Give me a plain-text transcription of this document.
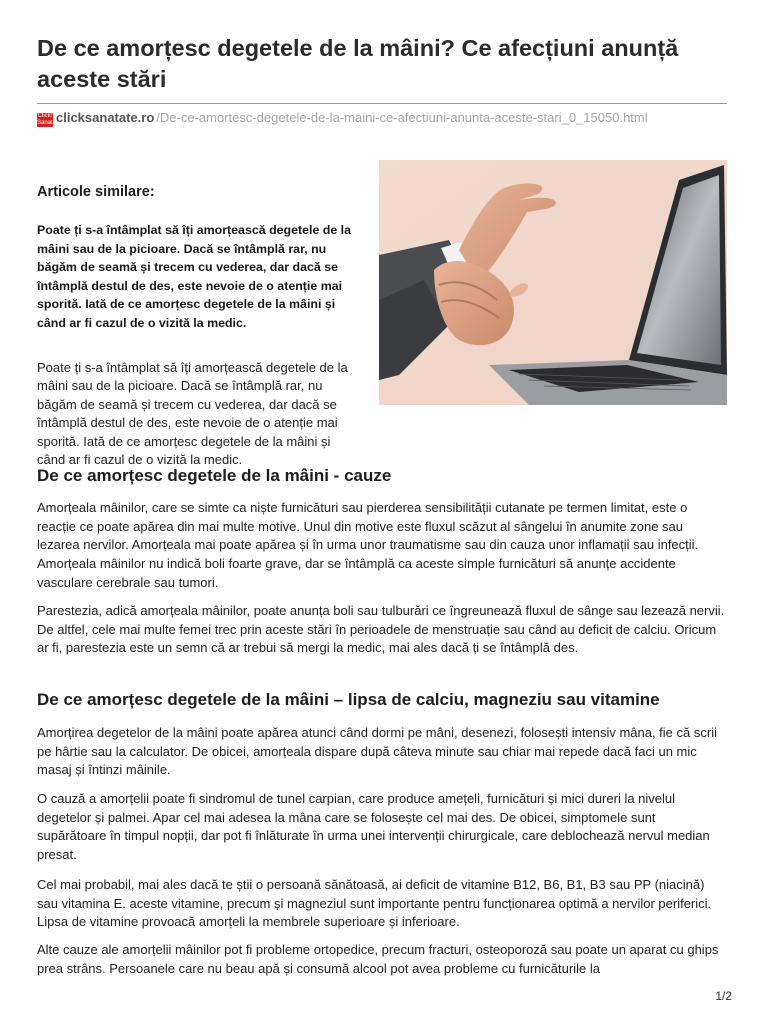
De ce amorțesc degetele de la mâini? Ce afecțiuni anunță aceste stări
Click!
Sanatateclicksanatate.ro /De-ce-amortesc-degetele-de-la-maini-ce-afectiuni-anunta-aceste-stari_0_15050.html
Articole similare:

Poate ți s-a întâmplat să îți amorțească degetele de la mâini sau de la picioare. Dacă se întâmplă rar, nu băgăm de seamă și trecem cu vederea, dar dacă se întâmplă destul de des, este nevoie de o atenție mai sporită. Iată de ce amorțesc degetele de la mâini și când ar fi cazul de o vizită la medic.

Poate ți s-a întâmplat să îți amorțească degetele de la mâini sau de la picioare. Dacă se întâmplă rar, nu băgăm de seamă și trecem cu vederea, dar dacă se întâmplă destul de des, este nevoie de o atenție mai sporită. Iată de ce amorțesc degetele de la mâini și când ar fi cazul de o vizită la medic.

De ce amorțesc degetele de la mâini - cauze

Amorțeala mâinilor, care se simte ca niște furnicături sau pierderea sensibilității cutanate pe termen limitat, este o reacție ce poate apărea din mai multe motive. Unul din motive este fluxul scăzut al sângelui în anumite zone sau lezarea nervilor. Amorțeala mai poate apărea și în urma unor traumatisme sau din cauza unor inflamații sau infecții. Amorțeala mâinilor nu indică boli foarte grave, dar se întâmplă ca aceste simple furnicături să anunțe accidente vasculare cerebrale sau tumori.

Parestezia, adică amorțeala mâinilor, poate anunța boli sau tulburări ce îngreunează fluxul de sânge sau lezează nervii. De altfel, cele mai multe femei trec prin aceste stări în perioadele de menstruație sau când au deficit de calciu. Oricum ar fi, parestezia este un semn că ar trebui să mergi la medic, mai ales dacă ți se întâmplă des.

De ce amorțesc degetele de la mâini – lipsa de calciu, magneziu sau vitamine

Amorțirea degetelor de la mâini poate apărea atunci când dormi pe mâni, desenezi, folosești intensiv mâna, fie că scrii pe hârtie sau la calculator. De obicei, amorțeala dispare după câteva minute sau chiar mai repede dacă faci un mic masaj și întinzi mâinile.

O cauză a amorțelii poate fi sindromul de tunel carpian, care produce amețeli, furnicături și mici dureri la nivelul degetelor și palmei. Apar cel mai adesea la mâna care se folosește cel mai des. De obicei, simptomele sunt supărătoare în timpul nopții, dar pot fi înlăturate în urma unei intervenții chirurgicale, care deblochează nervul median presat.

Cel mai probabil, mai ales dacă te știi o persoană sănătoasă, ai deficit de vitamine B12, B6, B1, B3 sau PP (niacină) sau vitamina E. aceste vitamine, precum și magneziul sunt importante pentru funcționarea optimă a nervilor periferici. Lipsa de vitamine provoacă amorțeli la membrele superioare și inferioare.

Alte cauze ale amorțelii mâinilor pot fi probleme ortopedice, precum fracturi, osteoporoză sau poate un aparat cu ghips prea strâns. Persoanele care nu beau apă și consumă alcool pot avea probleme cu furnicăturile la

1/2
